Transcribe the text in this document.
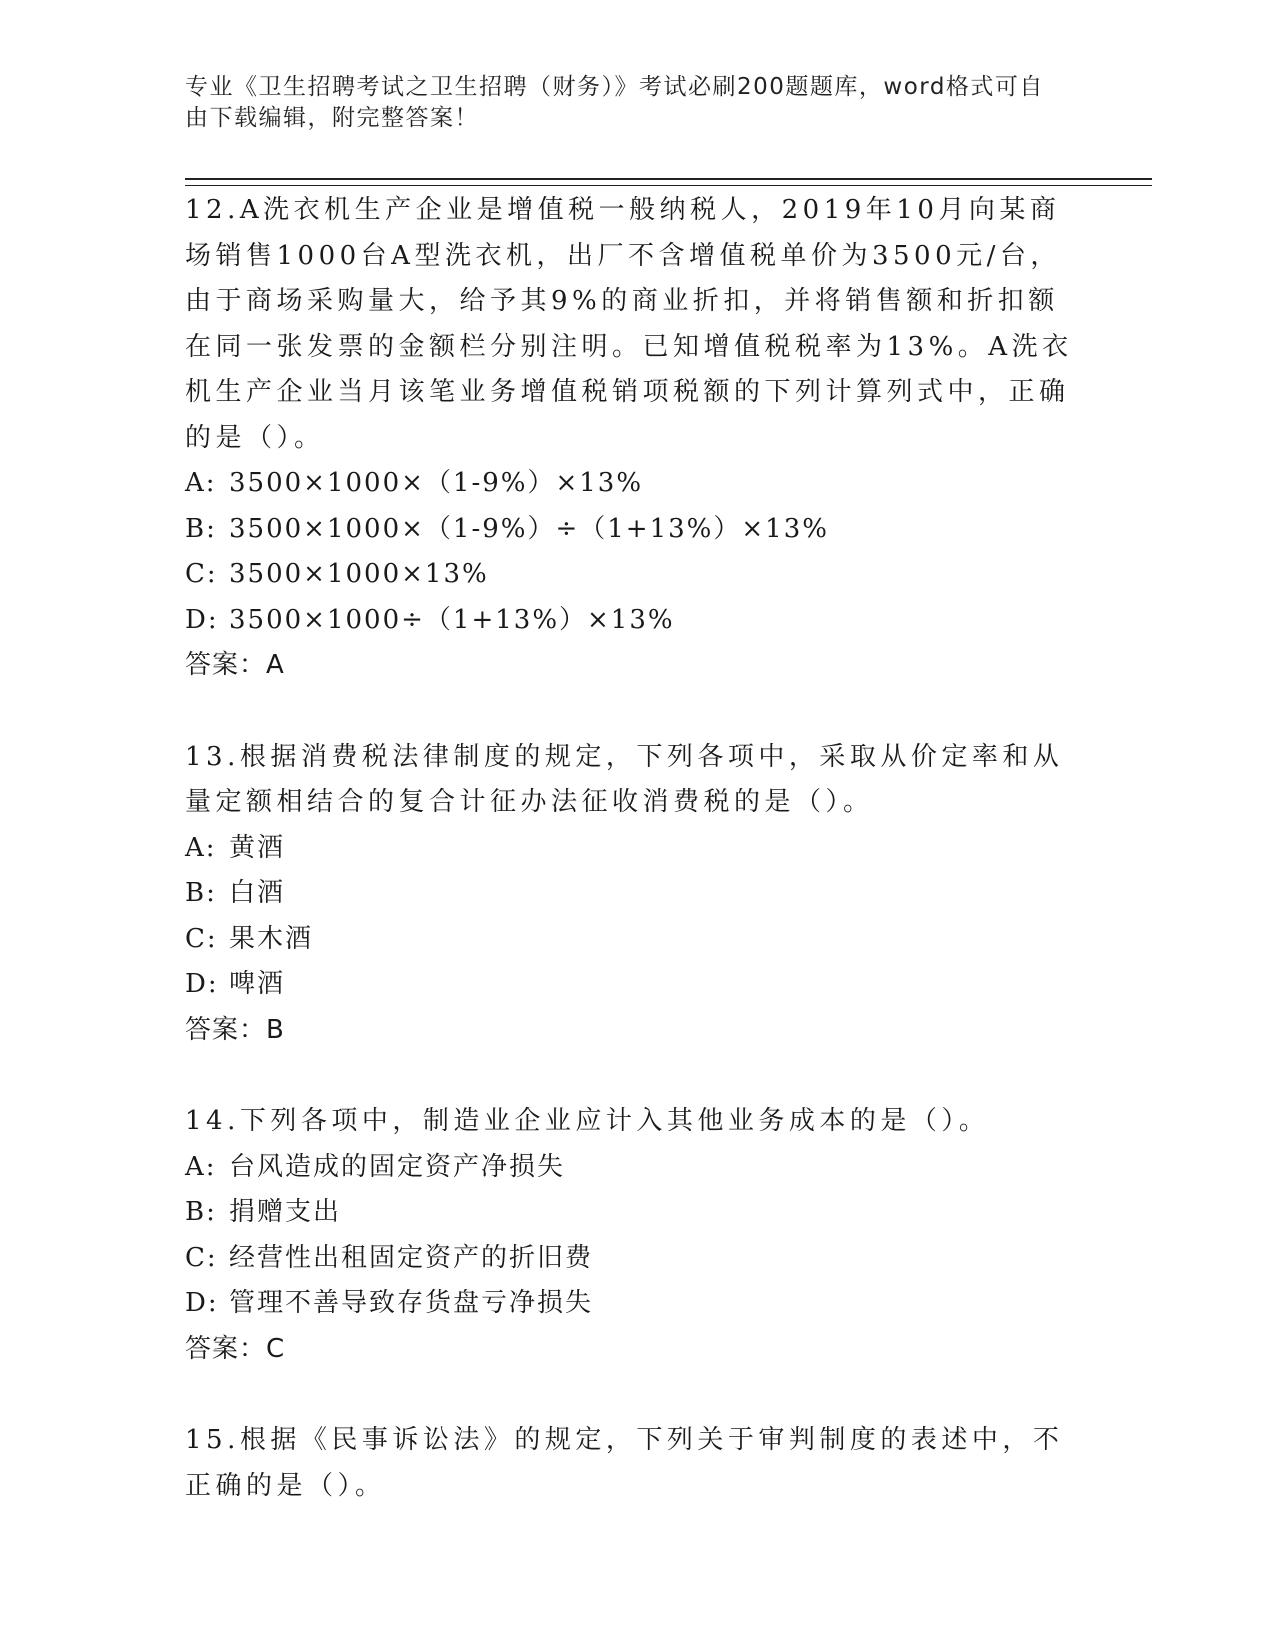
专业《卫生招聘考试之卫生招聘（财务）》考试必刷200题题库，word格式可自由下载编辑，附完整答案！

12.A洗衣机生产企业是增值税一般纳税人，2019年10月向某商场销售1000台A型洗衣机，出厂不含增值税单价为3500元/台，由于商场采购量大，给予其9%的商业折扣，并将销售额和折扣额在同一张发票的金额栏分别注明。已知增值税税率为13%。A洗衣机生产企业当月该笔业务增值税销项税额的下列计算列式中，正确的是（）。

A: 3500×1000×（1-9%）×13%

B: 3500×1000×（1-9%）÷（1+13%）×13%

C: 3500×1000×13%

D: 3500×1000÷（1+13%）×13%

答案：A

13.根据消费税法律制度的规定，下列各项中，采取从价定率和从量定额相结合的复合计征办法征收消费税的是（）。

A: 黄酒

B: 白酒

C: 果木酒

D: 啤酒

答案：B

14.下列各项中，制造业企业应计入其他业务成本的是（）。

A: 台风造成的固定资产净损失

B: 捐赠支出

C: 经营性出租固定资产的折旧费

D: 管理不善导致存货盘亏净损失

答案：C

15.根据《民事诉讼法》的规定，下列关于审判制度的表述中，不正确的是（）。
